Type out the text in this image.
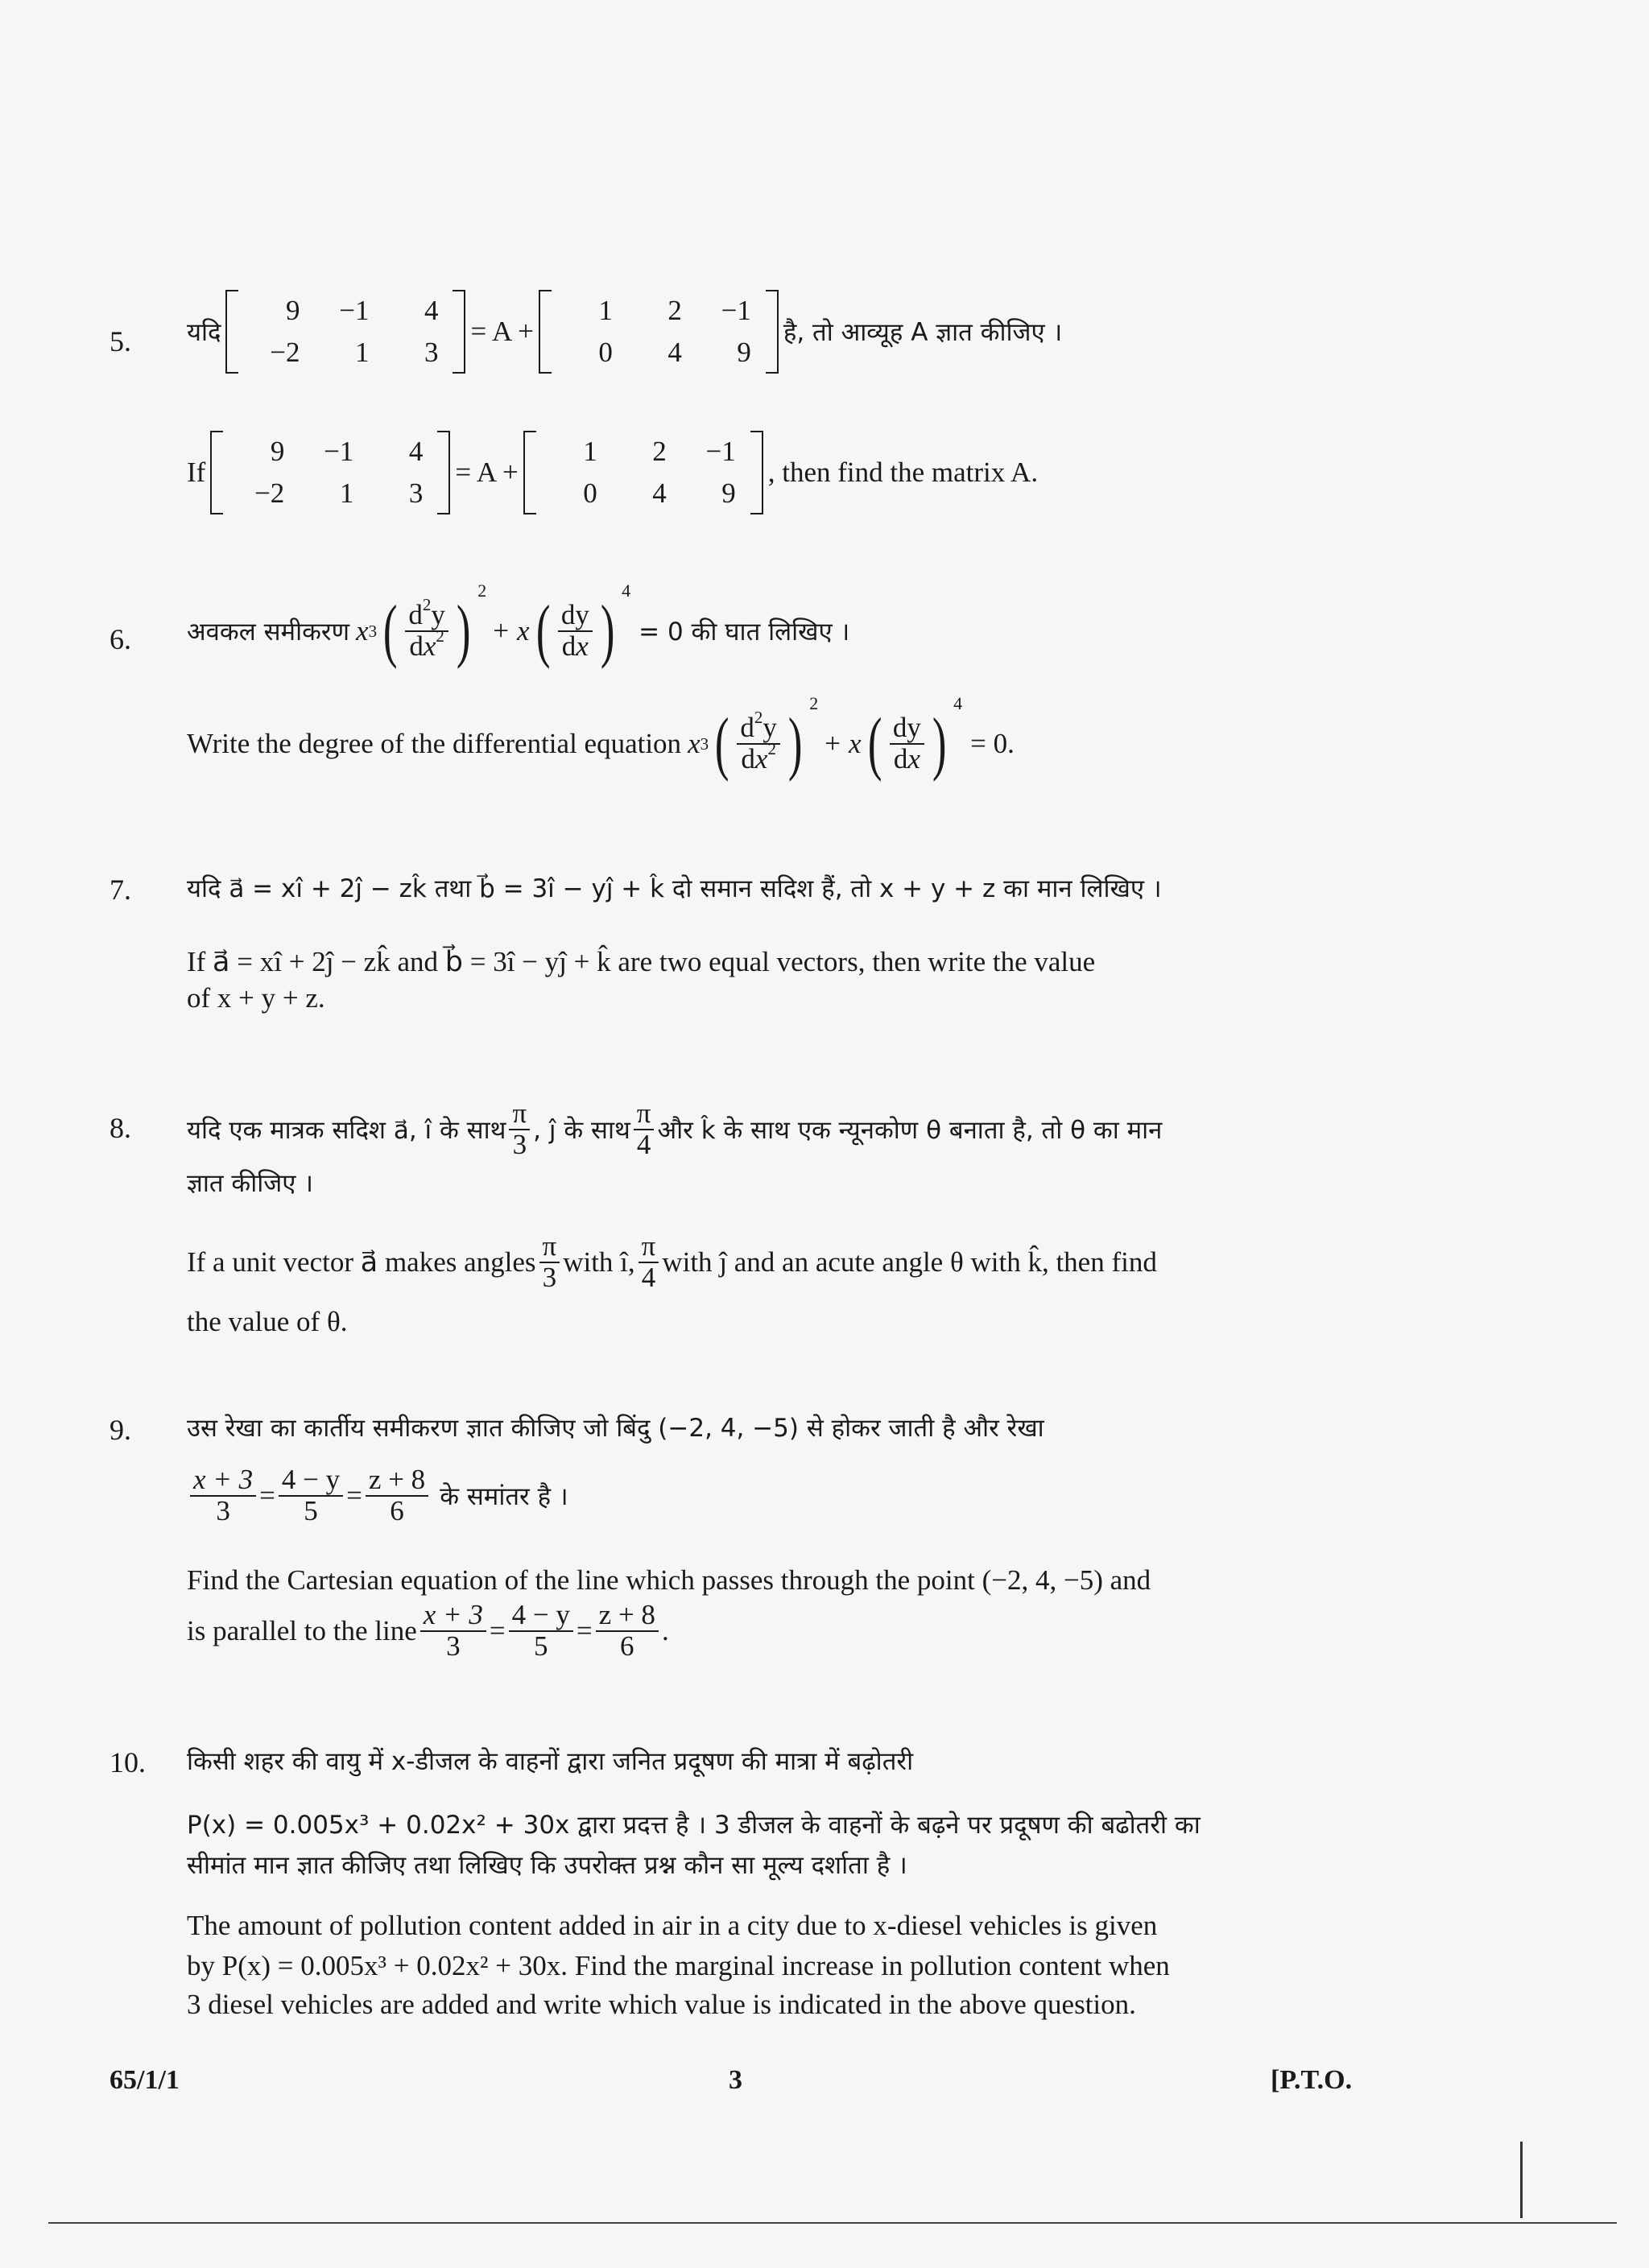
5. यदि
9	−1	4
−2	1	3
= A +
1	2	−1
0	4	9
है, तो आव्यूह A ज्ञात कीजिए ।
If
9	−1	4
−2	1	3
= A +
1	2	−1
0	4	9
, then find the matrix A.
6. अवकल समीकरण x 3 ( $\frac{d^2y}{dx^2}$ )
2
+ x ( $\frac{dy}{dx}$ )
4
= 0 की घात लिखिए ।
Write the degree of the differential equation x 3 ( $\frac{d^2y}{dx^2}$ )
2
+ x ( $\frac{dy}{dx}$ )
4
= 0.
7. यदि a⃗ = xî + 2ĵ − zk̂ तथा b⃗ = 3î − yĵ + k̂ दो समान सदिश हैं, तो x + y + z का मान लिखिए ।
If a⃗ = xî + 2ĵ − zk̂ and b⃗ = 3î − yĵ + k̂ are two equal vectors, then write the value
of x + y + z.
8. यदि एक मात्रक सदिश a⃗, î के साथ $\frac{\pi}{3}$ , ĵ के साथ $\frac{\pi}{4}$ और k̂ के साथ एक न्यूनकोण θ बनाता है, तो θ का मान
ज्ञात कीजिए ।
If a unit vector a⃗ makes angles $\frac{\pi}{3}$ with î, $\frac{\pi}{4}$ with ĵ and an acute angle θ with k̂, then find
the value of θ.
9. उस रेखा का कार्तीय समीकरण ज्ञात कीजिए जो बिंदु (−2, 4, −5) से होकर जाती है और रेखा
$\frac{x + 3}{3} = \frac{4 - y}{5} = \frac{z + 8}{6}$ के समांतर है ।
Find the Cartesian equation of the line which passes through the point (−2, 4, −5) and
is parallel to the line $\frac{x + 3}{3} = \frac{4 - y}{5} = \frac{z + 8}{6}$ .
10. किसी शहर की वायु में x-डीजल के वाहनों द्वारा जनित प्रदूषण की मात्रा में बढ़ोतरी
P(x) = 0.005x³ + 0.02x² + 30x द्वारा प्रदत्त है । 3 डीजल के वाहनों के बढ़ने पर प्रदूषण की बढोतरी का
सीमांत मान ज्ञात कीजिए तथा लिखिए कि उपरोक्त प्रश्न कौन सा मूल्य दर्शाता है ।
The amount of pollution content added in air in a city due to x-diesel vehicles is given
by P(x) = 0.005x³ + 0.02x² + 30x. Find the marginal increase in pollution content when
3 diesel vehicles are added and write which value is indicated in the above question.
65/1/1	3	[P.T.O.
